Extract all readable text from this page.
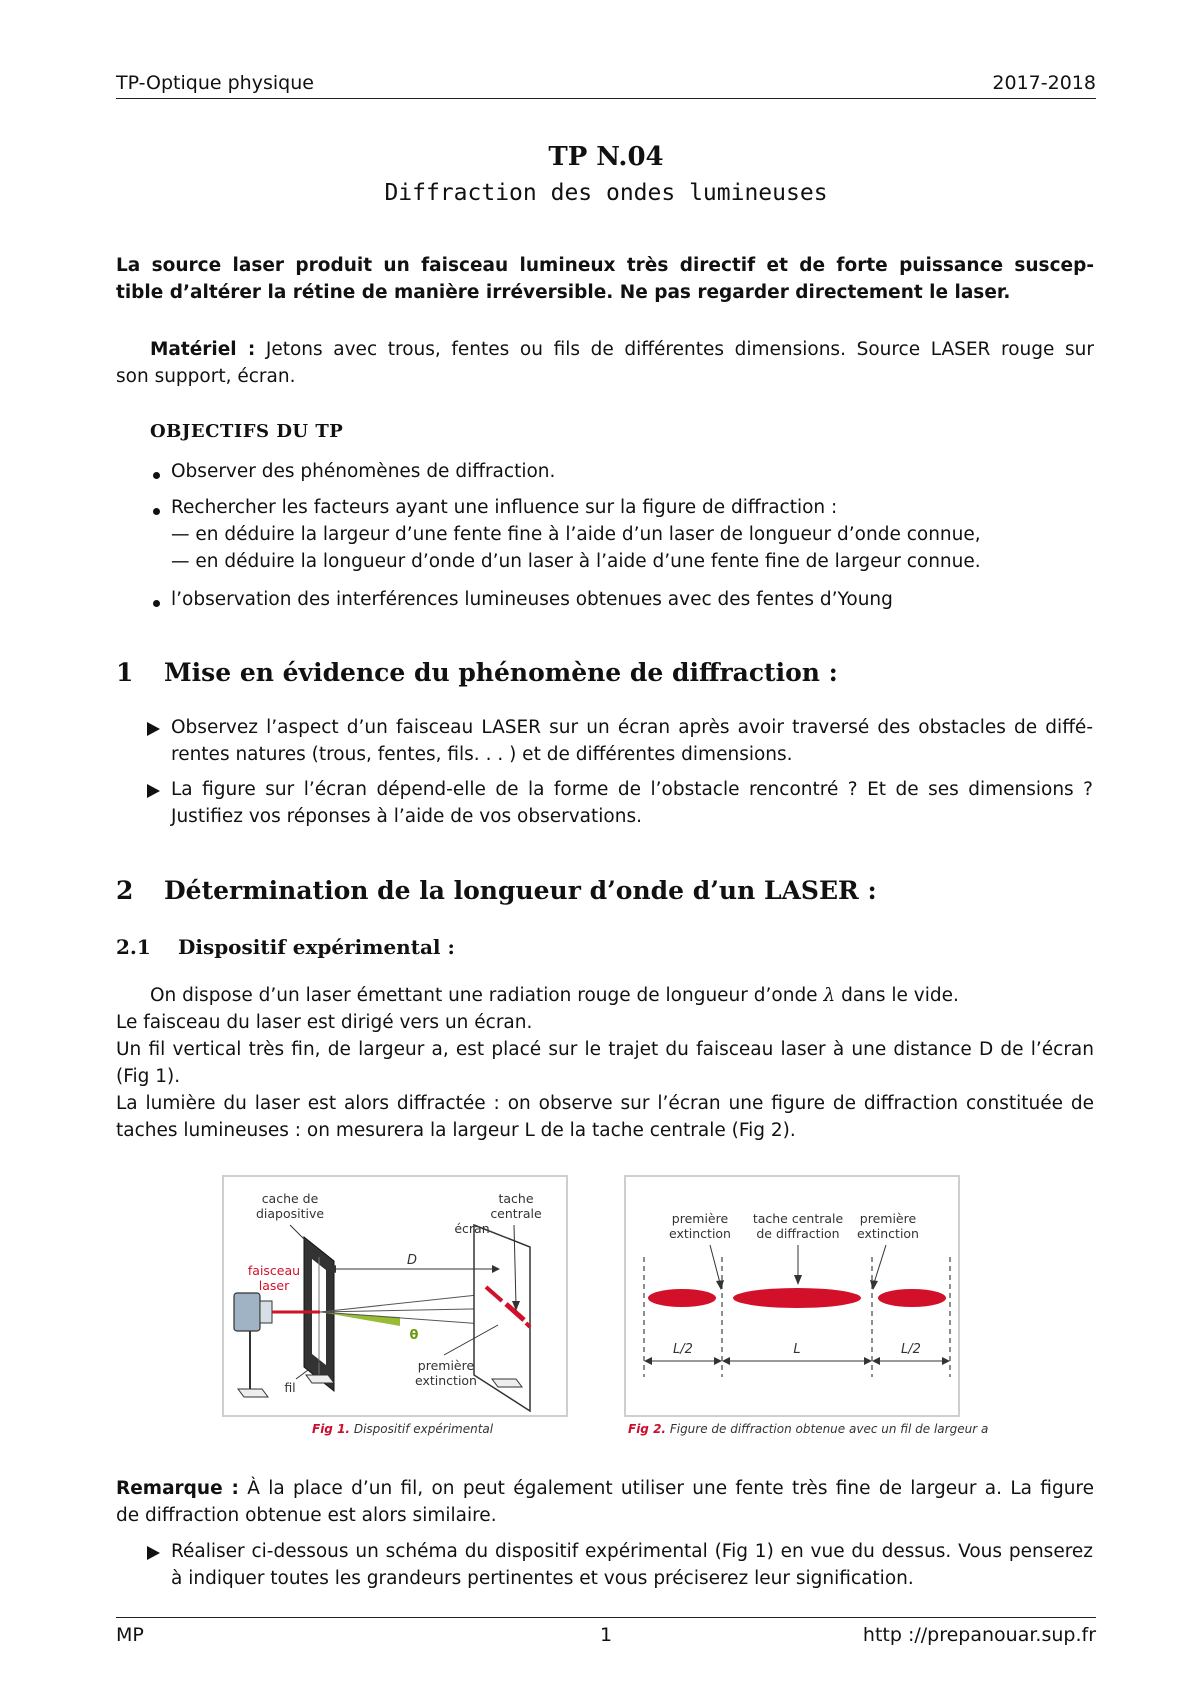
TP-Optique physique	2017-2018
TP N.04
Diffraction des ondes lumineuses
La source laser produit un faisceau lumineux très directif et de forte puissance suscep-
tible d’altérer la rétine de manière irréversible. Ne pas regarder directement le laser.
Matériel : Jetons avec trous, fentes ou fils de différentes dimensions. Source LASER rouge sur
son support, écran.
OBJECTIFS DU TP
Observer des phénomènes de diffraction.
Rechercher les facteurs ayant une influence sur la figure de diffraction :
— en déduire la largeur d’une fente fine à l’aide d’un laser de longueur d’onde connue,
— en déduire la longueur d’onde d’un laser à l’aide d’une fente fine de largeur connue.
l’observation des interférences lumineuses obtenues avec des fentes d’Young
1 Mise en évidence du phénomène de diffraction :
Observez l’aspect d’un faisceau LASER sur un écran après avoir traversé des obstacles de diffé-
rentes natures (trous, fentes, fils. . . ) et de différentes dimensions.
La figure sur l’écran dépend-elle de la forme de l’obstacle rencontré ? Et de ses dimensions ?
Justifiez vos réponses à l’aide de vos observations.
2 Détermination de la longueur d’onde d’un LASER :
2.1 Dispositif expérimental :
On dispose d’un laser émettant une radiation rouge de longueur d’onde λ dans le vide.
Le faisceau du laser est dirigé vers un écran.
Un fil vertical très fin, de largeur a, est placé sur le trajet du faisceau laser à une distance D de l’écran
(Fig 1).
La lumière du laser est alors diffractée : on observe sur l’écran une figure de diffraction constituée de
taches lumineuses : on mesurera la largeur L de la tache centrale (Fig 2).
cache de
diapositive
tache
centrale
écran
faisceau
laser
D
θ
fil
première
extinction
Fig 1. Dispositif expérimental
première
extinction
tache centrale
de diffraction
première
extinction
L/2	L	L/2
Fig 2. Figure de diffraction obtenue avec un fil de largeur a
Remarque : À la place d’un fil, on peut également utiliser une fente très fine de largeur a. La figure
de diffraction obtenue est alors similaire.
Réaliser ci-dessous un schéma du dispositif expérimental (Fig 1) en vue du dessus. Vous penserez
à indiquer toutes les grandeurs pertinentes et vous préciserez leur signification.
MP	1	http ://prepanouar.sup.fr
